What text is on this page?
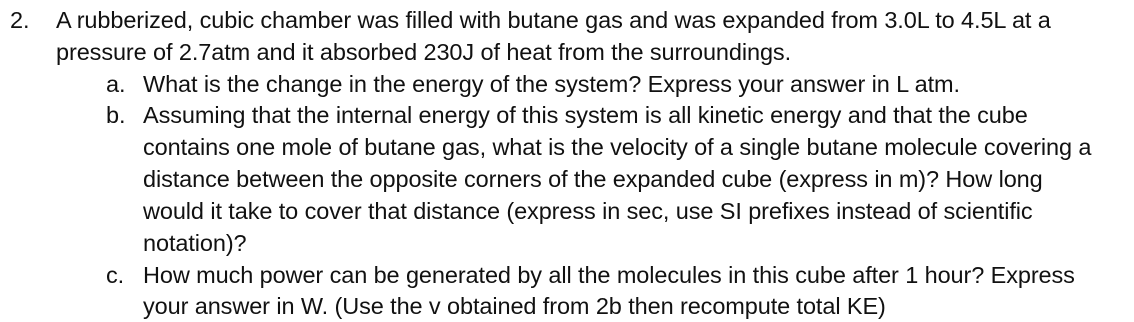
2. A rubberized, cubic chamber was filled with butane gas and was expanded from 3.0L to 4.5L at a
pressure of 2.7atm and it absorbed 230J of heat from the surroundings.
a. What is the change in the energy of the system? Express your answer in L atm.
b. Assuming that the internal energy of this system is all kinetic energy and that the cube
contains one mole of butane gas, what is the velocity of a single butane molecule covering a
distance between the opposite corners of the expanded cube (express in m)? How long
would it take to cover that distance (express in sec, use SI prefixes instead of scientific
notation)?
c. How much power can be generated by all the molecules in this cube after 1 hour? Express
your answer in W. (Use the v obtained from 2b then recompute total KE)
